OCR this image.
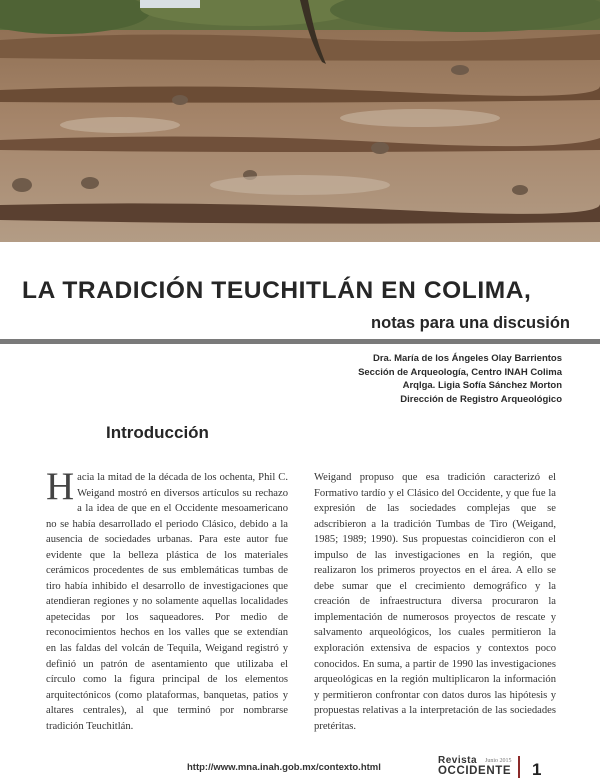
LA TRADICIÓN TEUCHITLÁN EN COLIMA,
notas para una discusión
Dra. María de los Ángeles Olay Barrientos
Sección de Arqueología, Centro INAH Colima
Arqlga. Ligia Sofía Sánchez Morton
Dirección de Registro Arqueológico
Introducción
Hacia la mitad de la década de los ochenta, Phil C. Weigand mostró en diversos artículos su rechazo a la idea de que en el Occidente mesoamericano no se había desarrollado el periodo Clásico, debido a la ausencia de sociedades urbanas. Para este autor fue evidente que la belleza plástica de los materiales cerámicos procedentes de sus emblemáticas tumbas de tiro había inhibido el desarrollo de investigaciones que atendieran regiones y no solamente aquellas localidades apetecidas por los saqueadores. Por medio de reconocimientos hechos en los valles que se extendían en las faldas del volcán de Tequila, Weigand registró y definió un patrón de asentamiento que utilizaba el círculo como la figura principal de los elementos arquitectónicos (como plataformas, banquetas, patios y altares centrales), al que terminó por nombrarse tradición Teuchitlán.
Weigand propuso que esa tradición caracterizó el Formativo tardío y el Clásico del Occidente, y que fue la expresión de las sociedades complejas que se adscribieron a la tradición Tumbas de Tiro (Weigand, 1985; 1989; 1990). Sus propuestas coincidieron con el impulso de las investigaciones en la región, que realizaron los primeros proyectos en el área. A ello se debe sumar que el crecimiento demográfico y la creación de infraestructura diversa procuraron la implementación de numerosos proyectos de rescate y salvamento arqueológicos, los cuales permitieron la exploración extensiva de espacios y contextos poco conocidos. En suma, a partir de 1990 las investigaciones arqueológicas en la región multiplicaron la información y permitieron confrontar con datos duros las hipótesis y propuestas relativas a la interpretación de las sociedades pretéritas.
http://www.mna.inah.gob.mx/contexto.html
Revista	Junio 2015
OCCIDENTE	1
